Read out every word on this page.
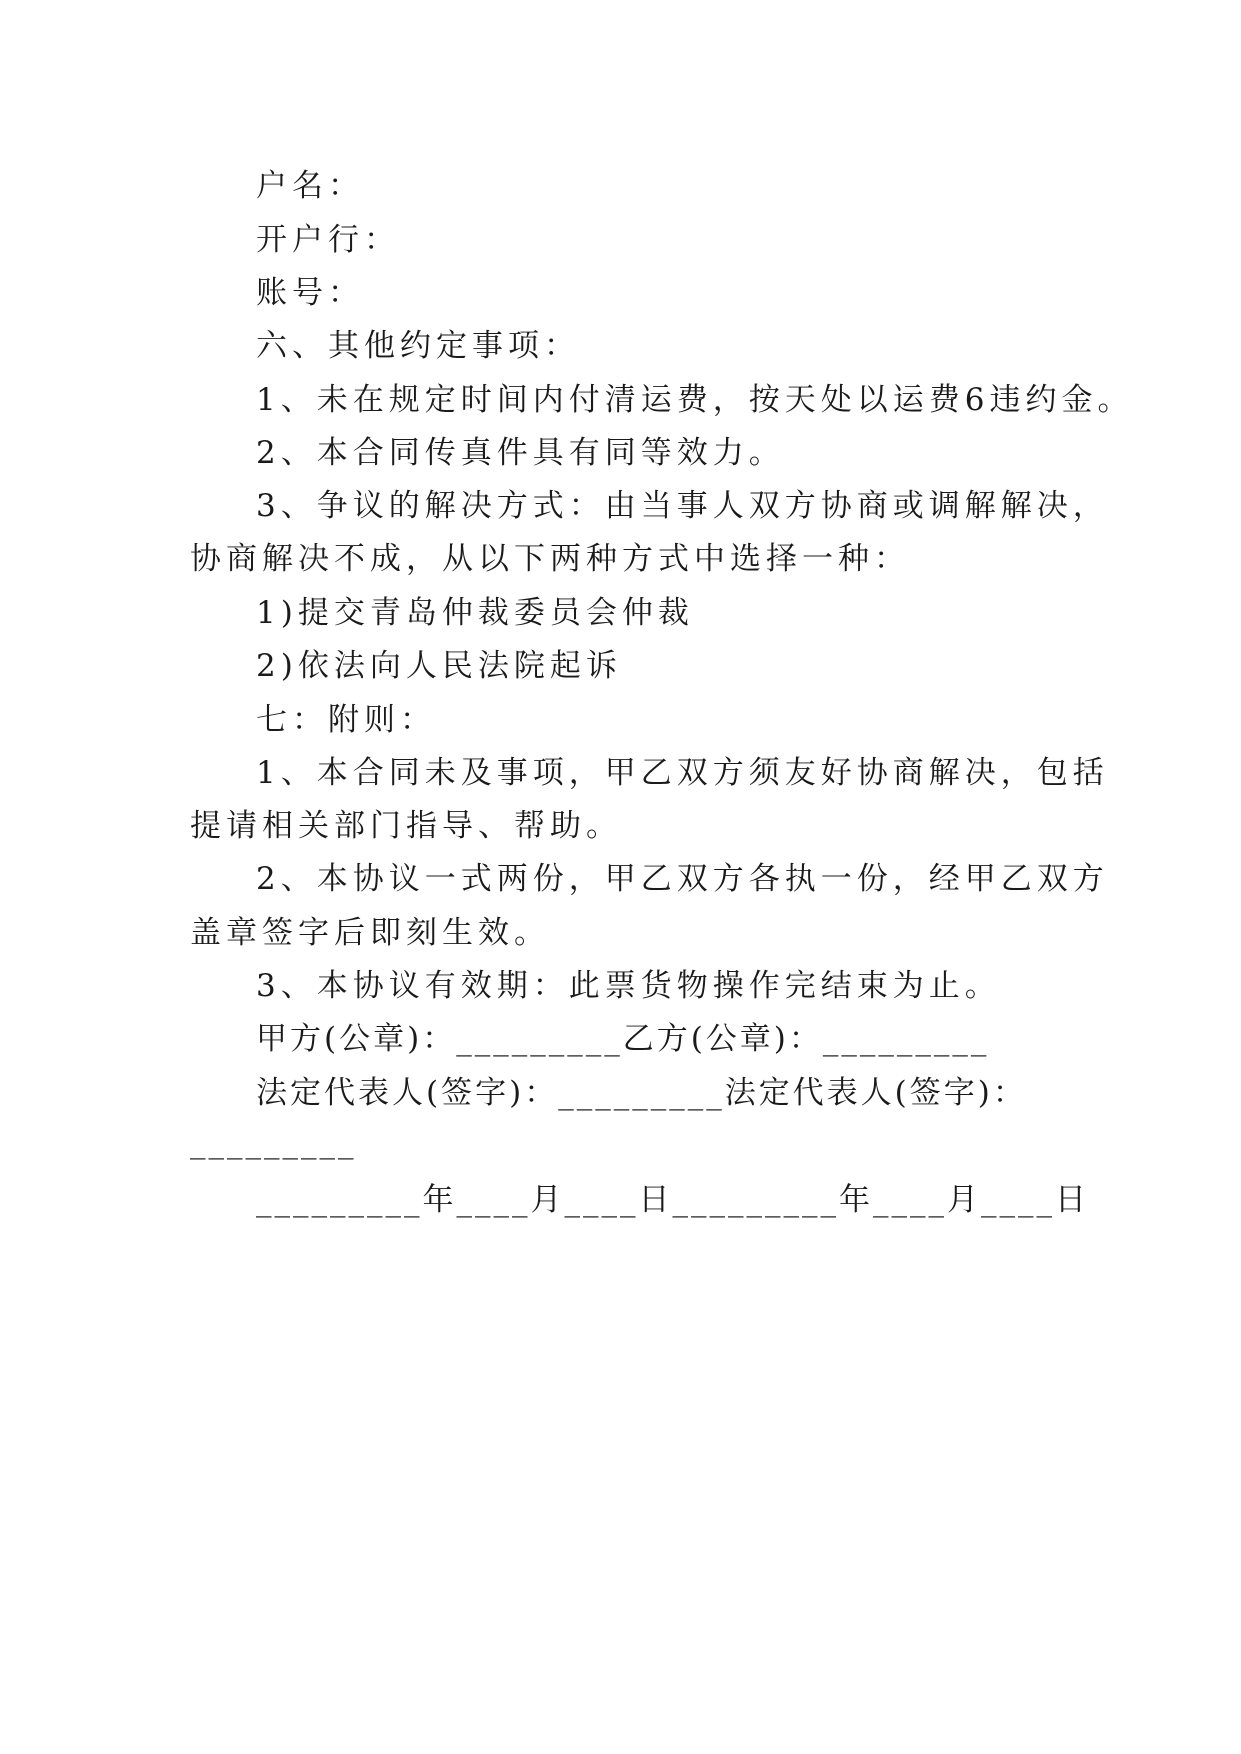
户名：
开户行：
账号：
六、其他约定事项：
1、未在规定时间内付清运费，按天处以运费6违约金。
2、本合同传真件具有同等效力。
3、争议的解决方式：由当事人双方协商或调解解决，
协商解决不成，从以下两种方式中选择一种：
1)提交青岛仲裁委员会仲裁
2)依法向人民法院起诉
七：附则：
1、本合同未及事项，甲乙双方须友好协商解决，包括
提请相关部门指导、帮助。
2、本协议一式两份，甲乙双方各执一份，经甲乙双方
盖章签字后即刻生效。
3、本协议有效期：此票货物操作完结束为止。
甲方(公章)：_________乙方(公章)：_________
法定代表人(签字)：_________法定代表人(签字)：
_________
_________年____月____日_________年____月____日
